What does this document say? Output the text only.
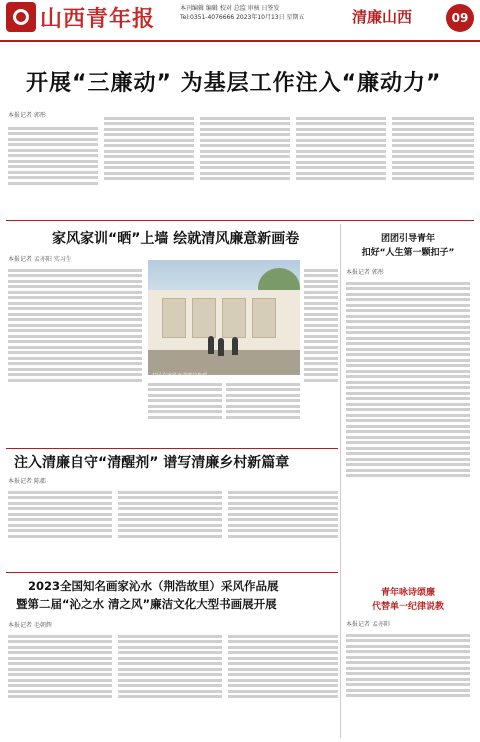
山西青年报	本刊编辑 编辑 校对 总监 审核 日签发
Tel:0351-4076666 2023年10月13日 星期五	清廉山西	09
开展“三廉动” 为基层工作注入“廉动力”
本报记者 郭彤
家风家训“晒”上墙 绘就清风廉意新画卷
本报记者 孟亦阳 实习生
村民在家风家训墙前参观
注入清廉自守“清醒剂” 谱写清廉乡村新篇章
本报记者 陈郡
2023全国知名画家沁水（荆浩故里）采风作品展
暨第二届“沁之水 清之风”廉洁文化大型书画展开展
本报记者 毛朝辉
团团引导青年
扣好“人生第一颗扣子”
本报记者 郭彤
青年咏诗颂廉
代替单一纪律说教
本报记者 孟亦阳
